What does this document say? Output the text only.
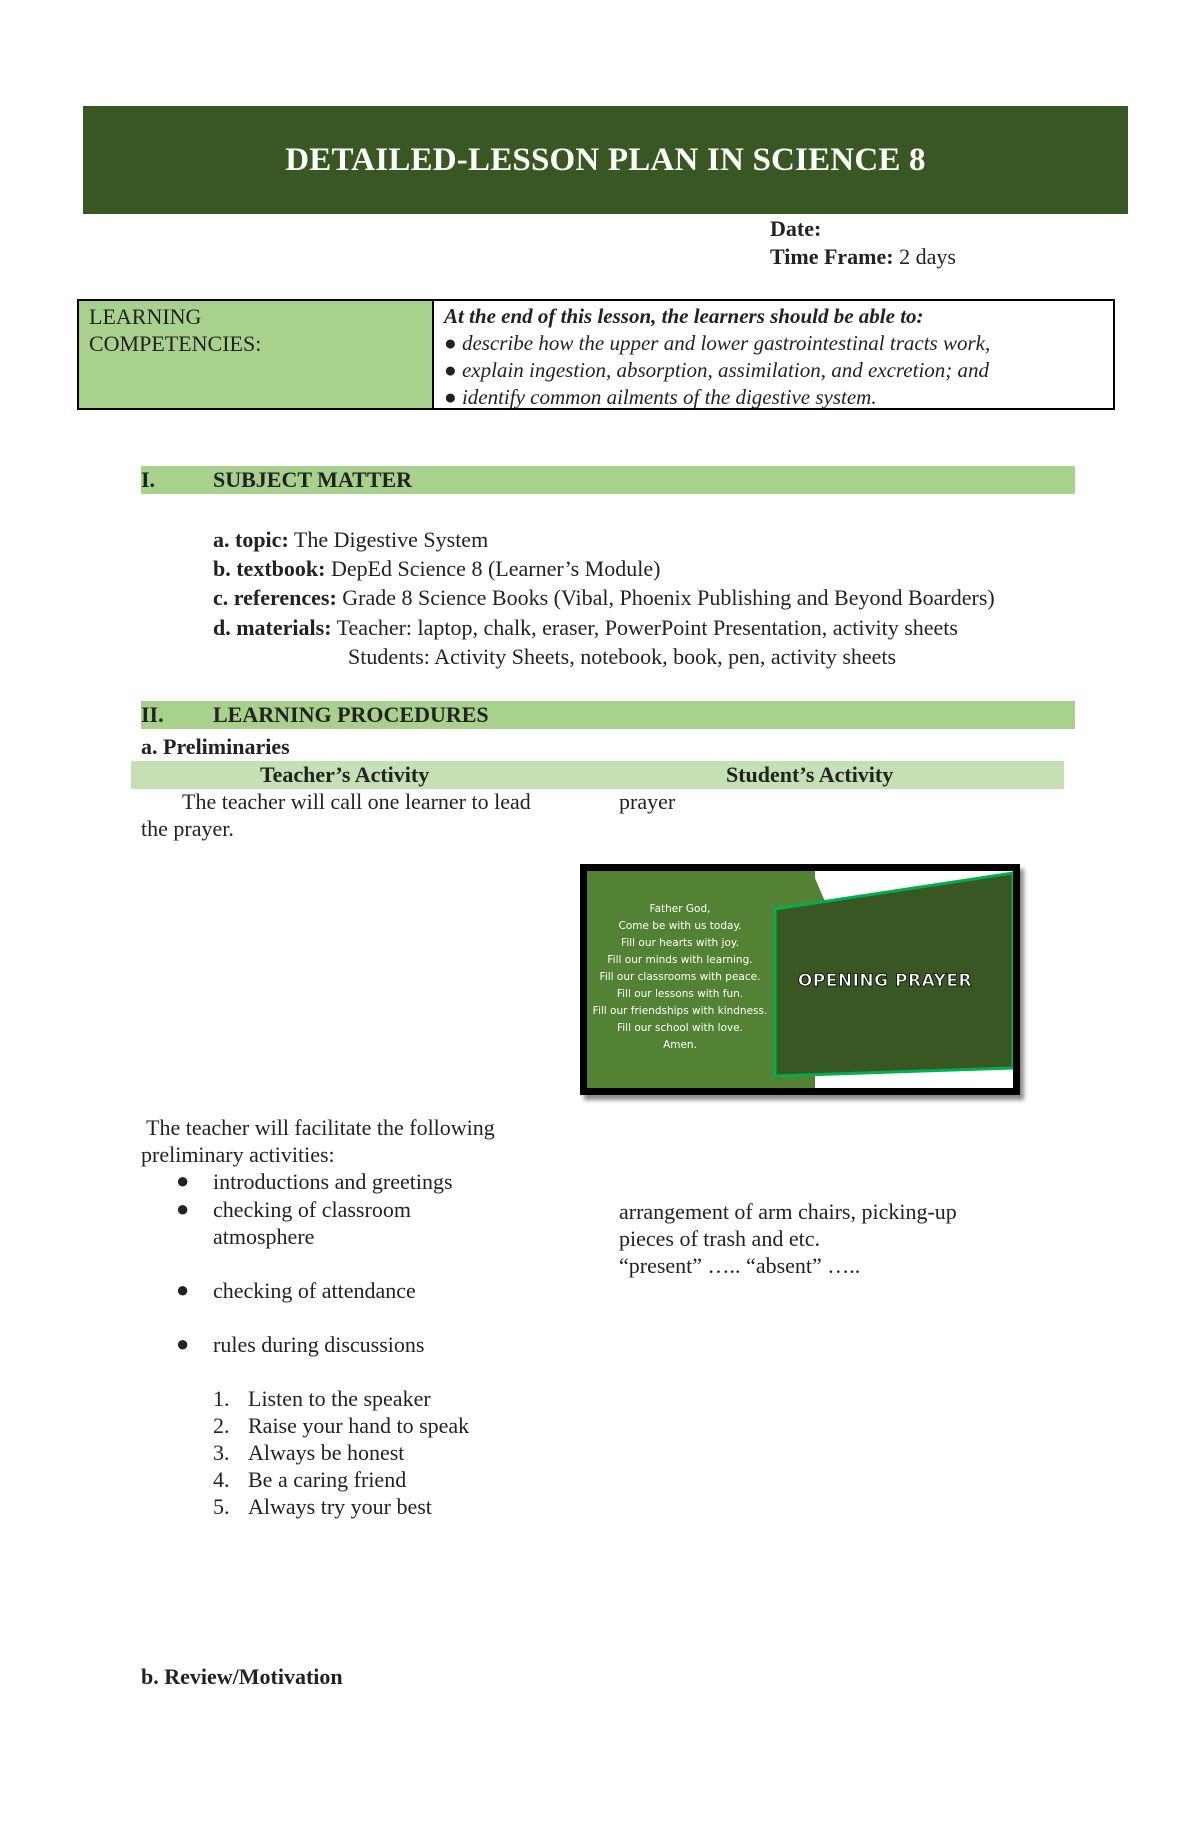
DETAILED-LESSON PLAN IN SCIENCE 8
Date:
Time Frame: 2 days
LEARNING
COMPETENCIES:
At the end of this lesson, the learners should be able to:
● describe how the upper and lower gastrointestinal tracts work,
● explain ingestion, absorption, assimilation, and excretion; and
● identify common ailments of the digestive system.
I.	SUBJECT MATTER
a. topic: The Digestive System
b. textbook: DepEd Science 8 (Learner’s Module)
c. references: Grade 8 Science Books (Vibal, Phoenix Publishing and Beyond Boarders)
d. materials: Teacher: laptop, chalk, eraser, PowerPoint Presentation, activity sheets
Students: Activity Sheets, notebook, book, pen, activity sheets
II. LEARNING PROCEDURES
a. Preliminaries
Teacher’s Activity	Student’s Activity
The teacher will call one learner to lead
the prayer.
prayer
Father God,
Come be with us today.
Fill our hearts with joy.
Fill our minds with learning.
Fill our classrooms with peace.
Fill our lessons with fun.
Fill our friendships with kindness.
Fill our school with love.
Amen.
OPENING PRAYER
The teacher will facilitate the following
preliminary activities:
● introductions and greetings
● checking of classroom
atmosphere
● checking of attendance
● rules during discussions
arrangement of arm chairs, picking-up
pieces of trash and etc.
“present” ….. “absent” …..
1. Listen to the speaker
2. Raise your hand to speak
3. Always be honest
4. Be a caring friend
5. Always try your best
b. Review/Motivation
